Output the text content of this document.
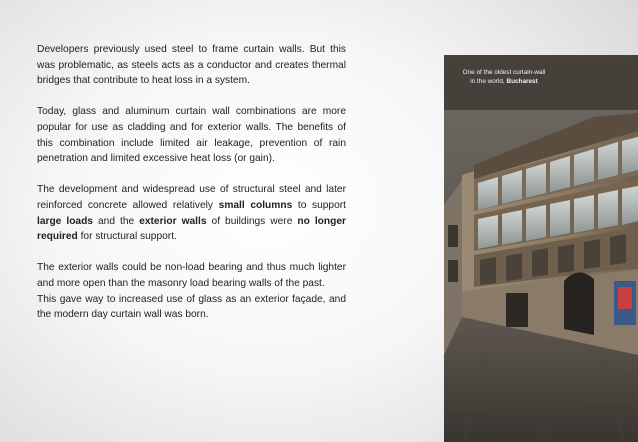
Developers previously used steel to frame curtain walls. But this was problematic, as steels acts as a conductor and creates thermal bridges that contribute to heat loss in a system.

Today, glass and aluminum curtain wall combinations are more popular for use as cladding and for exterior walls. The benefits of this combination include limited air leakage, prevention of rain penetration and limited excessive heat loss (or gain).

The development and widespread use of structural steel and later reinforced concrete allowed relatively small columns to support large loads and the exterior walls of buildings were no longer required for structural support.

The exterior walls could be non-load bearing and thus much lighter and more open than the masonry load bearing walls of the past.

This gave way to increased use of glass as an exterior façade, and the modern day curtain wall was born.

One of the oldest curtain-wall
in the world, Bucharest
